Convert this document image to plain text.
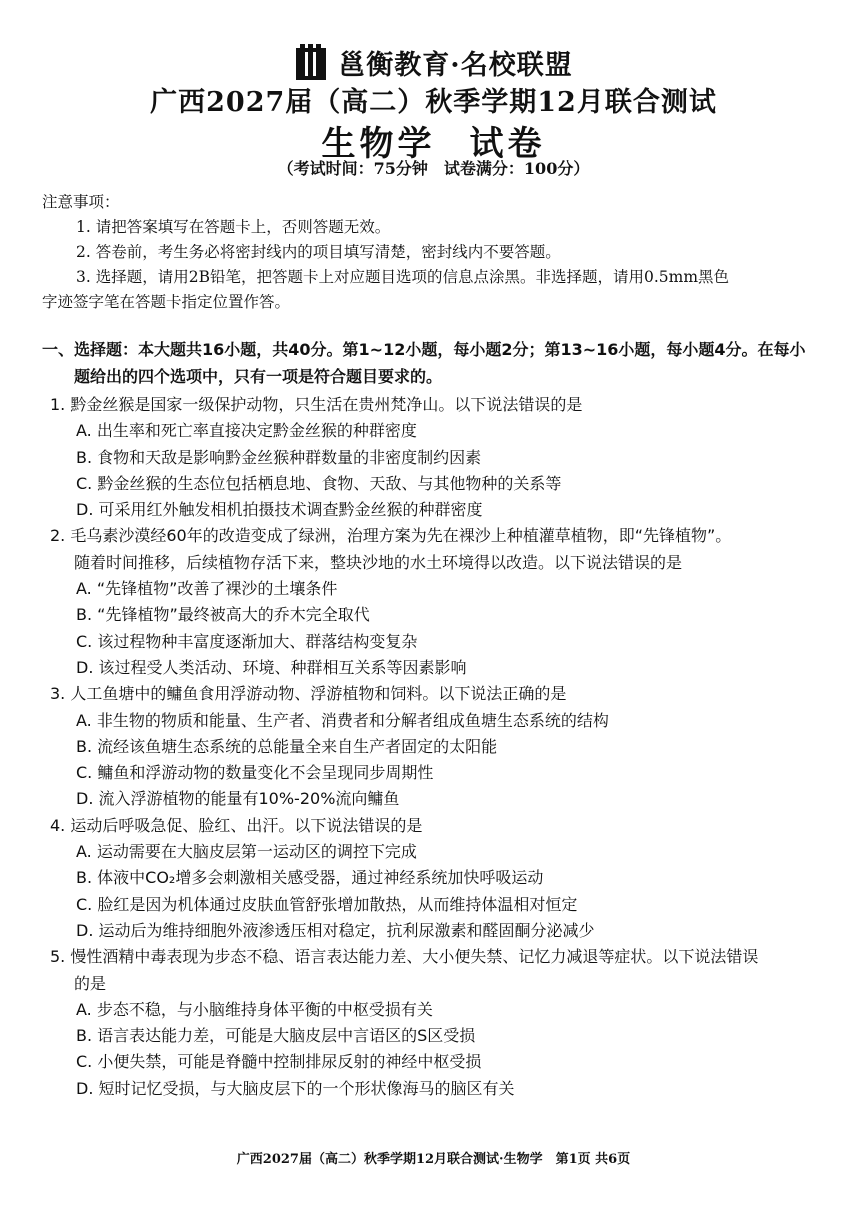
邕衡教育·名校联盟
广西2027届（高二）秋季学期12月联合测试
生物学 试卷
（考试时间：75分钟　试卷满分：100分）

注意事项：

1. 请把答案填写在答题卡上，否则答题无效。

2. 答卷前，考生务必将密封线内的项目填写清楚，密封线内不要答题。

3. 选择题，请用2B铅笔，把答题卡上对应题目选项的信息点涂黑。非选择题，请用0.5mm黑色

字迹签字笔在答题卡指定位置作答。

一、选择题：本大题共16小题，共40分。第1~12小题，每小题2分；第13~16小题，每小题4分。在每小
题给出的四个选项中，只有一项是符合题目要求的。

1. 黔金丝猴是国家一级保护动物，只生活在贵州梵净山。以下说法错误的是

A. 出生率和死亡率直接决定黔金丝猴的种群密度

B. 食物和天敌是影响黔金丝猴种群数量的非密度制约因素

C. 黔金丝猴的生态位包括栖息地、食物、天敌、与其他物种的关系等

D. 可采用红外触发相机拍摄技术调查黔金丝猴的种群密度

2. 毛乌素沙漠经60年的改造变成了绿洲，治理方案为先在裸沙上种植灌草植物，即“先锋植物”。

随着时间推移，后续植物存活下来，整块沙地的水土环境得以改造。以下说法错误的是

A. “先锋植物”改善了裸沙的土壤条件

B. “先锋植物”最终被高大的乔木完全取代

C. 该过程物种丰富度逐渐加大、群落结构变复杂

D. 该过程受人类活动、环境、种群相互关系等因素影响

3. 人工鱼塘中的鳙鱼食用浮游动物、浮游植物和饲料。以下说法正确的是

A. 非生物的物质和能量、生产者、消费者和分解者组成鱼塘生态系统的结构

B. 流经该鱼塘生态系统的总能量全来自生产者固定的太阳能

C. 鳙鱼和浮游动物的数量变化不会呈现同步周期性

D. 流入浮游植物的能量有10%-20%流向鳙鱼

4. 运动后呼吸急促、脸红、出汗。以下说法错误的是

A. 运动需要在大脑皮层第一运动区的调控下完成

B. 体液中CO₂增多会刺激相关感受器，通过神经系统加快呼吸运动

C. 脸红是因为机体通过皮肤血管舒张增加散热，从而维持体温相对恒定

D. 运动后为维持细胞外液渗透压相对稳定，抗利尿激素和醛固酮分泌减少

5. 慢性酒精中毒表现为步态不稳、语言表达能力差、大小便失禁、记忆力减退等症状。以下说法错误

的是

A. 步态不稳，与小脑维持身体平衡的中枢受损有关

B. 语言表达能力差，可能是大脑皮层中言语区的S区受损

C. 小便失禁，可能是脊髓中控制排尿反射的神经中枢受损

D. 短时记忆受损，与大脑皮层下的一个形状像海马的脑区有关

广西2027届（高二）秋季学期12月联合测试·生物学　第1页 共6页
